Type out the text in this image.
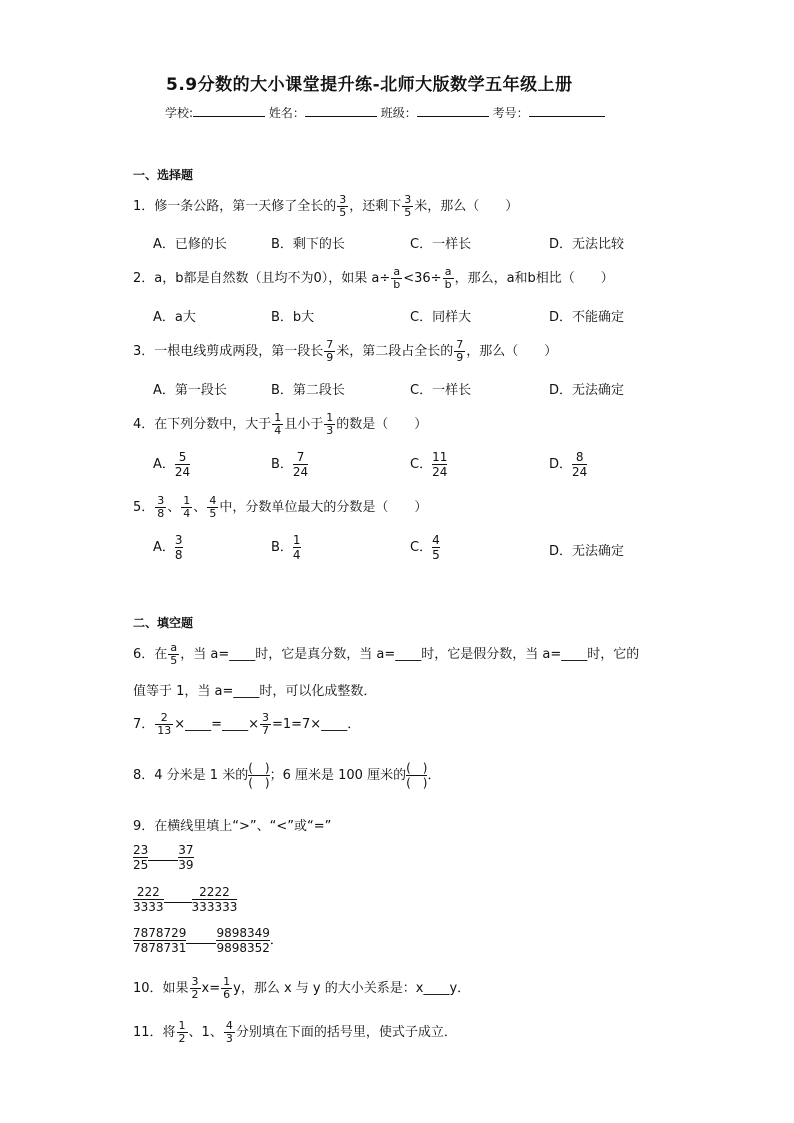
5.9分数的大小课堂提升练-北师大版数学五年级上册
学校:	姓名：	班级：	考号：
一、选择题
1．修一条公路，第一天修了全长的 $\frac{3}{5}$ ，还剩下 $\frac{3}{5}$ 米，那么（　　）
A．已修的长	B．剩下的长	C．一样长	D．无法比较
2．a，b都是自然数（且均不为0），如果 $a\div \frac{a}{b} <36\div \frac{a}{b}$ ，那么，a和b相比（　　）
A．a大	B．b大	C．同样大	D．不能确定
3．一根电线剪成两段，第一段长 $\frac{7}{9}$ 米，第二段占全长的 $\frac{7}{9}$ ，那么（　　）
A．第一段长	B．第二段长	C．一样长	D．无法确定
4．在下列分数中，大于 $\frac{1}{4}$ 且小于 $\frac{1}{3}$ 的数是（　　）
A． $\frac{5}{24}$	B． $\frac{7}{24}$	C． $\frac{11}{24}$	D． $\frac{8}{24}$
5． $\frac{3}{8}$ 、 $\frac{1}{4}$ 、 $\frac{4}{5}$ 中，分数单位最大的分数是（　　）
A． $\frac{3}{8}$	B． $\frac{1}{4}$	C． $\frac{4}{5}$	D．无法确定
二、填空题
6．在 $\frac{a}{5}$ ，当 a=____时，它是真分数，当 a=____时，它是假分数，当 a=____时，它的
值等于 1，当 a=____时，可以化成整数．
7． $\frac{2}{13}$ ×____=____× $\frac{3}{7}$ =1=7×____．
8．4 分米是 1 米的 (　)
(　) ；6 厘米是 100 厘米的 (　)
(　) ．
9．在横线里填上“>”、“<”或“=”
$\frac{23}{25}$	$\frac{37}{39}$
$\frac{222}{3333} \frac{2222}{333333}$
$\frac{7878729}{7878731}$	$\frac{9898349}{9898352}$ ．
10．如果 $\frac{3}{2} x= \frac{1}{6}$ y，那么 x 与 y 的大小关系是：x____y．
11．将 $\frac{1}{2}$ 、1、 $\frac{4}{3}$ 分别填在下面的括号里，使式子成立．
